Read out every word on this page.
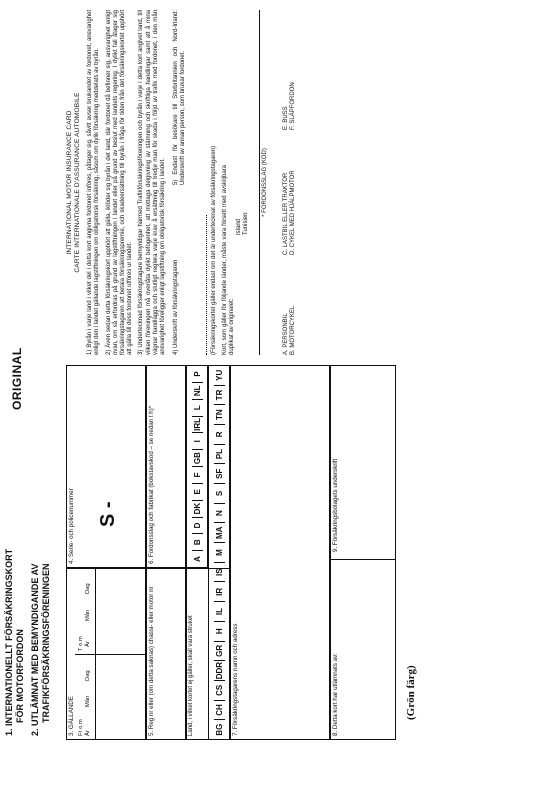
1. INTERNATIONELLT FÖRSÄKRINGSKORT FÖR MOTORFORDON 2. UTLÄMNAT MED BEMYNDIGANDE AV TRAFIKFÖRSÄKRINGSFÖRENINGEN
ORIGINAL
3. GÄLLANDE Fr o m År
Mån
Dag
T o m År
Mån
Dag
4. Serie- och policenummer S -
5. Reg nr eller (om detta saknas) chassi- eller motor nr
6. Fordonsslag och fabrikat (bokstavskod – se nedan t h)*
Land, i vilket kortet ej gäller, skall vara struket
A
B
D
DK
E
F
GB
I
IRL
L
NL
P
BG
CH
CS
DDR
GR
H
IL
IR
IS
M
MA
N
S
SF
PL
R
TN
TR
YU
7. Försäkringstagarens namn och adress	8. Detta kort har utlämnats av:
INTERNATIONAL MOTOR INSURANCE CARD CARTE INTERNATIONALE D'ASSURANCE AUTOMOBILE 1) Byrån i varje land i vilket del i detta kort angivna fordonet införes, påtager sig, såvitt avser brukandet av fordonet, ansvarighet enligt den i landet gällande lagstiftningen om obligatorisk försäkring, såsom om dylik försäkring meddelats av byrån. 2) Även sedan detta försäkringskort upphört att gälla, iklöder sig byrån i det land, där fordonet då befinner sig, ansvarighet enligt ovan, om så erfordras på grund av lagstiftningen i landet eller på grund av beslut med landets regering. I dylikt fall åtager sig försäkringstagaren att betala försäkringspremie, och skadeersättning till byrån i fråga för tiden från det försäkringskortet upphört att gälla till dess fordonet utföres ur landet. 3) Undertecknad försäkringstagare bemyndigar härmed Trafikförsäkringsföreningen och byrån i varje i detta kort angivet land, till vilken föreningen må overlåta dylikt befogenhet, att mottaga delgivning av stämning och skriftliga handlingar samt att å mina vägnar handlägga och slutligt reglera varje krav å ersättning till tredje man för skada i följd av trafik med fordonet, i den mån ansvarighet föreligger enligt lagstiftning om obligatorisk försäkring i landet. 4) Underskrift av försäkringstagaren
5) Endast för besökare till Storbritannien och Nord-Irland: Underskrift av annan person, som brukar fordonet.
(Försäkringskortet gäller endast om det är undertecknat av försäkringstagaren) Kort, som gäller för följande länder, måste vara försett med avskiljbara duplikat av originalet:
Island Tunisien
* FORDONSSLAG (KOD)
A. PERSONBIL B. MOTORCYKEL
C. LASTBIL ELLER TRAKTOR D. CYKEL MED HJÄLPMOTOR
E. BUSS F. SLÄPFORDON
9. Försäkringsbolagets underskrift
(Grön färg)
